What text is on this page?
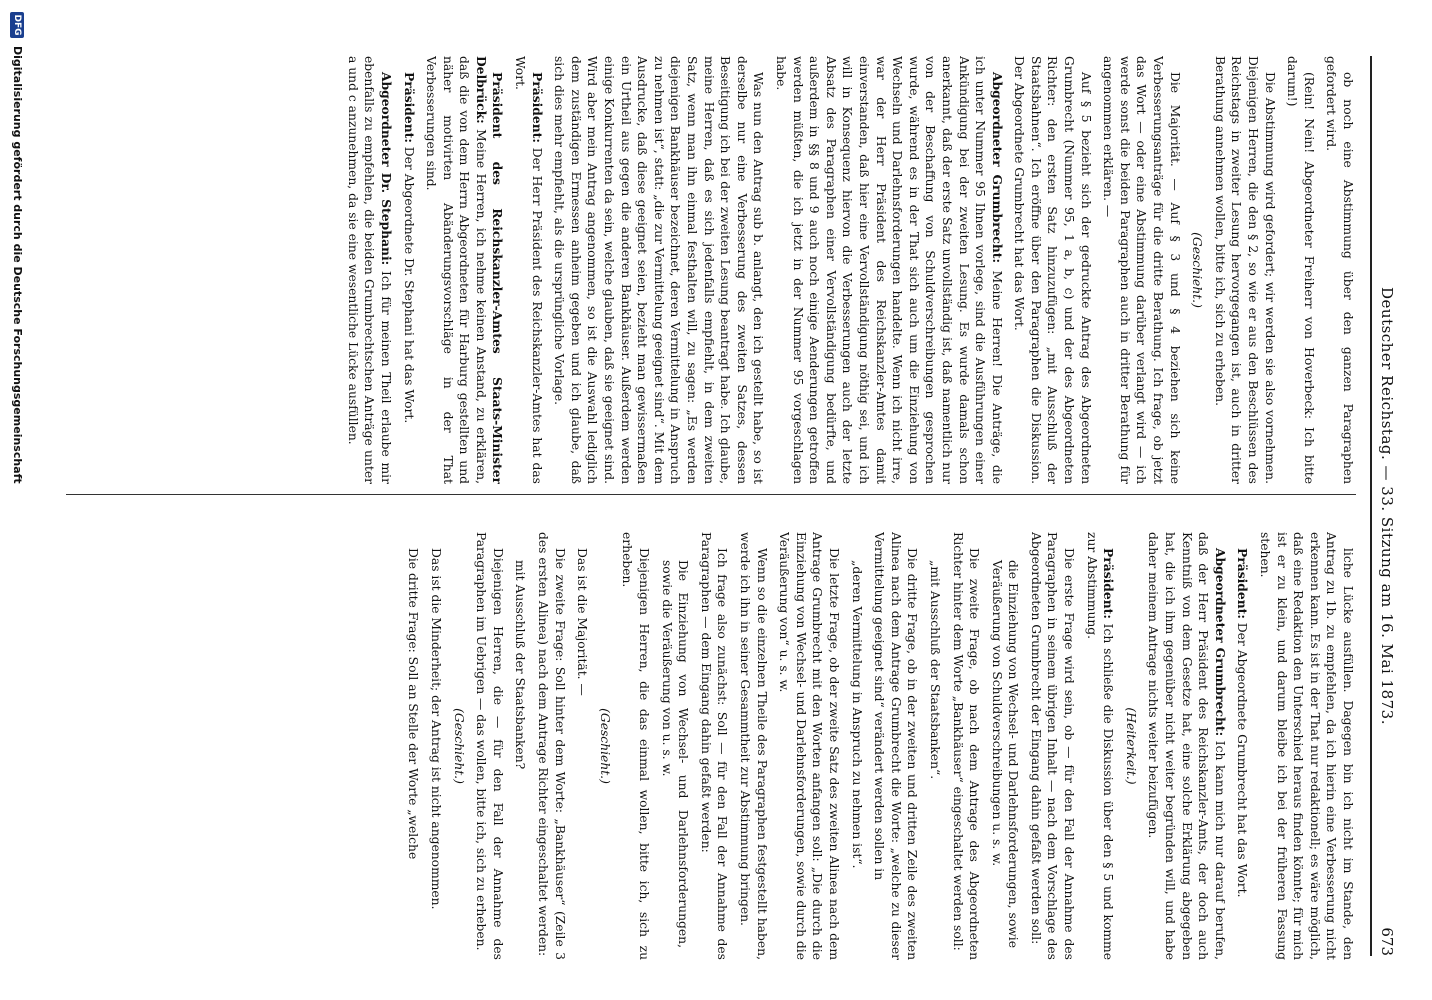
Deutscher Reichstag. — 33. Sitzung am 16. Mai 1873.
673

ob noch eine Abstimmung über den ganzen Paragraphen gefordert wird.

(Rein! Nein! Abgeordneter Freiherr von Hoverbeck: Ich bitte darum!)

Die Abstimmung wird gefordert; wir werden sie also vornehmen. Diejenigen Herren, die den § 2, so wie er aus den Beschlüssen des Reichstags in zweiter Lesung hervorgegangen ist, auch in dritter Berathung annehmen wollen, bitte ich, sich zu erheben.

(Geschieht.)

Die Majorität. — Auf § 3 und § 4 beziehen sich keine Verbesserungsanträge für die dritte Berathung. Ich frage, ob jetzt das Wort — oder eine Abstimmung darüber verlangt wird — ich werde sonst die beiden Paragraphen auch in dritter Berathung für angenommen erklären. —

Auf § 5 bezieht sich der gedruckte Antrag des Abgeordneten Grumbrecht (Nummer 95, 1 a, b, c) und der des Abgeordneten Richter: den ersten Satz hinzuzufügen: „mit Ausschluß der Staatsbahnen“. Ich eröffne über den Paragraphen die Diskussion. Der Abgeordnete Grumbrecht hat das Wort.

Abgeordneter Grumbrecht: Meine Herren! Die Anträge, die ich unter Nummer 95 Ihnen vorlege, sind die Ausführungen einer Ankündigung bei der zweiten Lesung. Es wurde damals schon anerkannt, daß der erste Satz unvollständig ist, daß namentlich nur von der Beschaffung von Schuldverschreibungen gesprochen wurde, während es in der That sich auch um die Einziehung von Wechseln und Darlehnsforderungen handelte. Wenn ich nicht irre, war der Herr Präsident des Reichskanzler-Amtes damit einverstanden, daß hier eine Vervollständigung nöthig sei, und ich will in Konsequenz hiervon die Verbesserungen auch der letzte Absatz des Paragraphen einer Vervollständigung bedürfte, und außerdem in §§ 8 und 9 auch noch einige Aenderungen getroffen werden müßten, die ich jetzt in der Nummer 95 vorgeschlagen habe.

Was nun den Antrag sub b. anlangt, den ich gestellt habe, so ist derselbe nur eine Verbesserung des zweiten Satzes, dessen Beseitigung ich bei der zweiten Lesung beantragt habe. Ich glaube, meine Herren, daß es sich jedenfalls empfiehlt, in dem zweiten Satz, wenn man ihn einmal festhalten will, zu sagen: „Es werden diejenigen Bankhäuser bezeichnet, deren Vermittelung in Anspruch zu nehmen ist“, statt: „die zur Vermittelung geeignet sind“. Mit dem Ausdrucke, daß diese geeignet seien, bezieht man gewissermaßen ein Urtheil aus gegen die anderen Bankhäuser. Außerdem werden einige Konkurrenten da sein, welche glauben, daß sie geeignet sind. Wird aber mein Antrag angenommen, so ist die Auswahl lediglich dem zuständigen Ermessen anheim gegeben und ich glaube, daß sich dies mehr empfiehlt, als die ursprüngliche Vorlage.

Präsident: Der Herr Präsident des Reichskanzler-Amtes hat das Wort.

Präsident des Reichskanzler-Amtes Staats-Minister Delbrück: Meine Herren, ich nehme keinen Anstand, zu erklären, daß die von dem Herrn Abgeordneten für Harburg gestellten und näher motivirten Abänderungsvorschläge in der That Verbesserungen sind.

Präsident: Der Abgeordnete Dr. Stephani hat das Wort.

Abgeordneter Dr. Stephani: Ich für meinen Theil erlaube mir ebenfalls zu empfehlen, die beiden Grumbrechtschen Anträge unter a und c anzunehmen, da sie eine wesentliche Lücke ausfüllen.

liche Lücke ausfüllen. Dagegen bin ich nicht im Stande, den Antrag zu 1b. zu empfehlen, da ich hierin eine Verbesserung nicht erkennen kann. Es ist in der That nur redaktionell; es wäre möglich, daß eine Redaktion den Unterschied heraus finden könnte; für mich ist er zu klein, und darum bleibe ich bei der früheren Fassung stehen.

Präsident: Der Abgeordnete Grumbrecht hat das Wort.

Abgeordneter Grumbrecht: Ich kann mich nur darauf berufen, daß der Herr Präsident des Reichskanzler-Amts, der doch auch Kenntniß von dem Gesetze hat, eine solche Erklärung abgegeben hat, die ich ihm gegenüber nicht weiter begründen will, und habe daher meinem Antrage nichts weiter beizufügen.

(Heiterkeit.)

Präsident: Ich schließe die Diskussion über den § 5 und komme zur Abstimmung.

Die erste Frage wird sein, ob — für den Fall der Annahme des Paragraphen in seinem übrigen Inhalt — nach dem Vorschlage des Abgeordneten Grumbrecht der Eingang dahin gefaßt werden soll:

die Einziehung von Wechsel- und Darlehnsforderungen, sowie Veräußerung von Schuldverschreibungen u. s. w.

Die zweite Frage, ob nach dem Antrage des Abgeordneten Richter hinter dem Worte „Bankhäuser“ eingeschaltet werden soll:

„mit Ausschluß der Staatsbanken“.

Die dritte Frage, ob in der zweiten und dritten Zeile des zweiten Alinea nach dem Antrage Grumbrecht die Worte: „welche zu dieser Vermittelung geeignet sind“ verändert werden sollen in

„deren Vermittelung in Anspruch zu nehmen ist“.

Die letzte Frage, ob der zweite Satz des zweiten Alinea nach dem Antrage Grumbrecht mit den Worten anfangen soll: „Die durch die Einziehung von Wechsel- und Darlehnsforderungen, sowie durch die Veräußerung von“ u. s. w.

Wenn so die einzelnen Theile des Paragraphen festgestellt haben, werde ich ihn in seiner Gesammtheit zur Abstimmung bringen.

Ich frage also zunächst: Soll — für den Fall der Annahme des Paragraphen — dem Eingang dahin gefaßt werden:

Die Einziehung von Wechsel- und Darlehnsforderungen, sowie die Veräußerung von u. s. w.

Diejenigen Herren, die das einmal wollen, bitte ich, sich zu erheben.

(Geschieht.)

Das ist die Majorität. —

Die zweite Frage: Soll hinter dem Worte: „Bankhäuser“ (Zeile 3 des ersten Alinea) nach dem Antrage Richter eingeschaltet werden:

mit Ausschluß der Staatsbanken?

Diejenigen Herren, die — für den Fall der Annahme des Paragraphen im Uebrigen — das wollen, bitte ich, sich zu erheben.

(Geschieht.)

Das ist die Minderheit; der Antrag ist nicht angenommen.

Die dritte Frage: Soll an Stelle der Worte „welche

DFG
Digitalisierung gefördert durch die Deutsche Forschungsgemeinschaft
